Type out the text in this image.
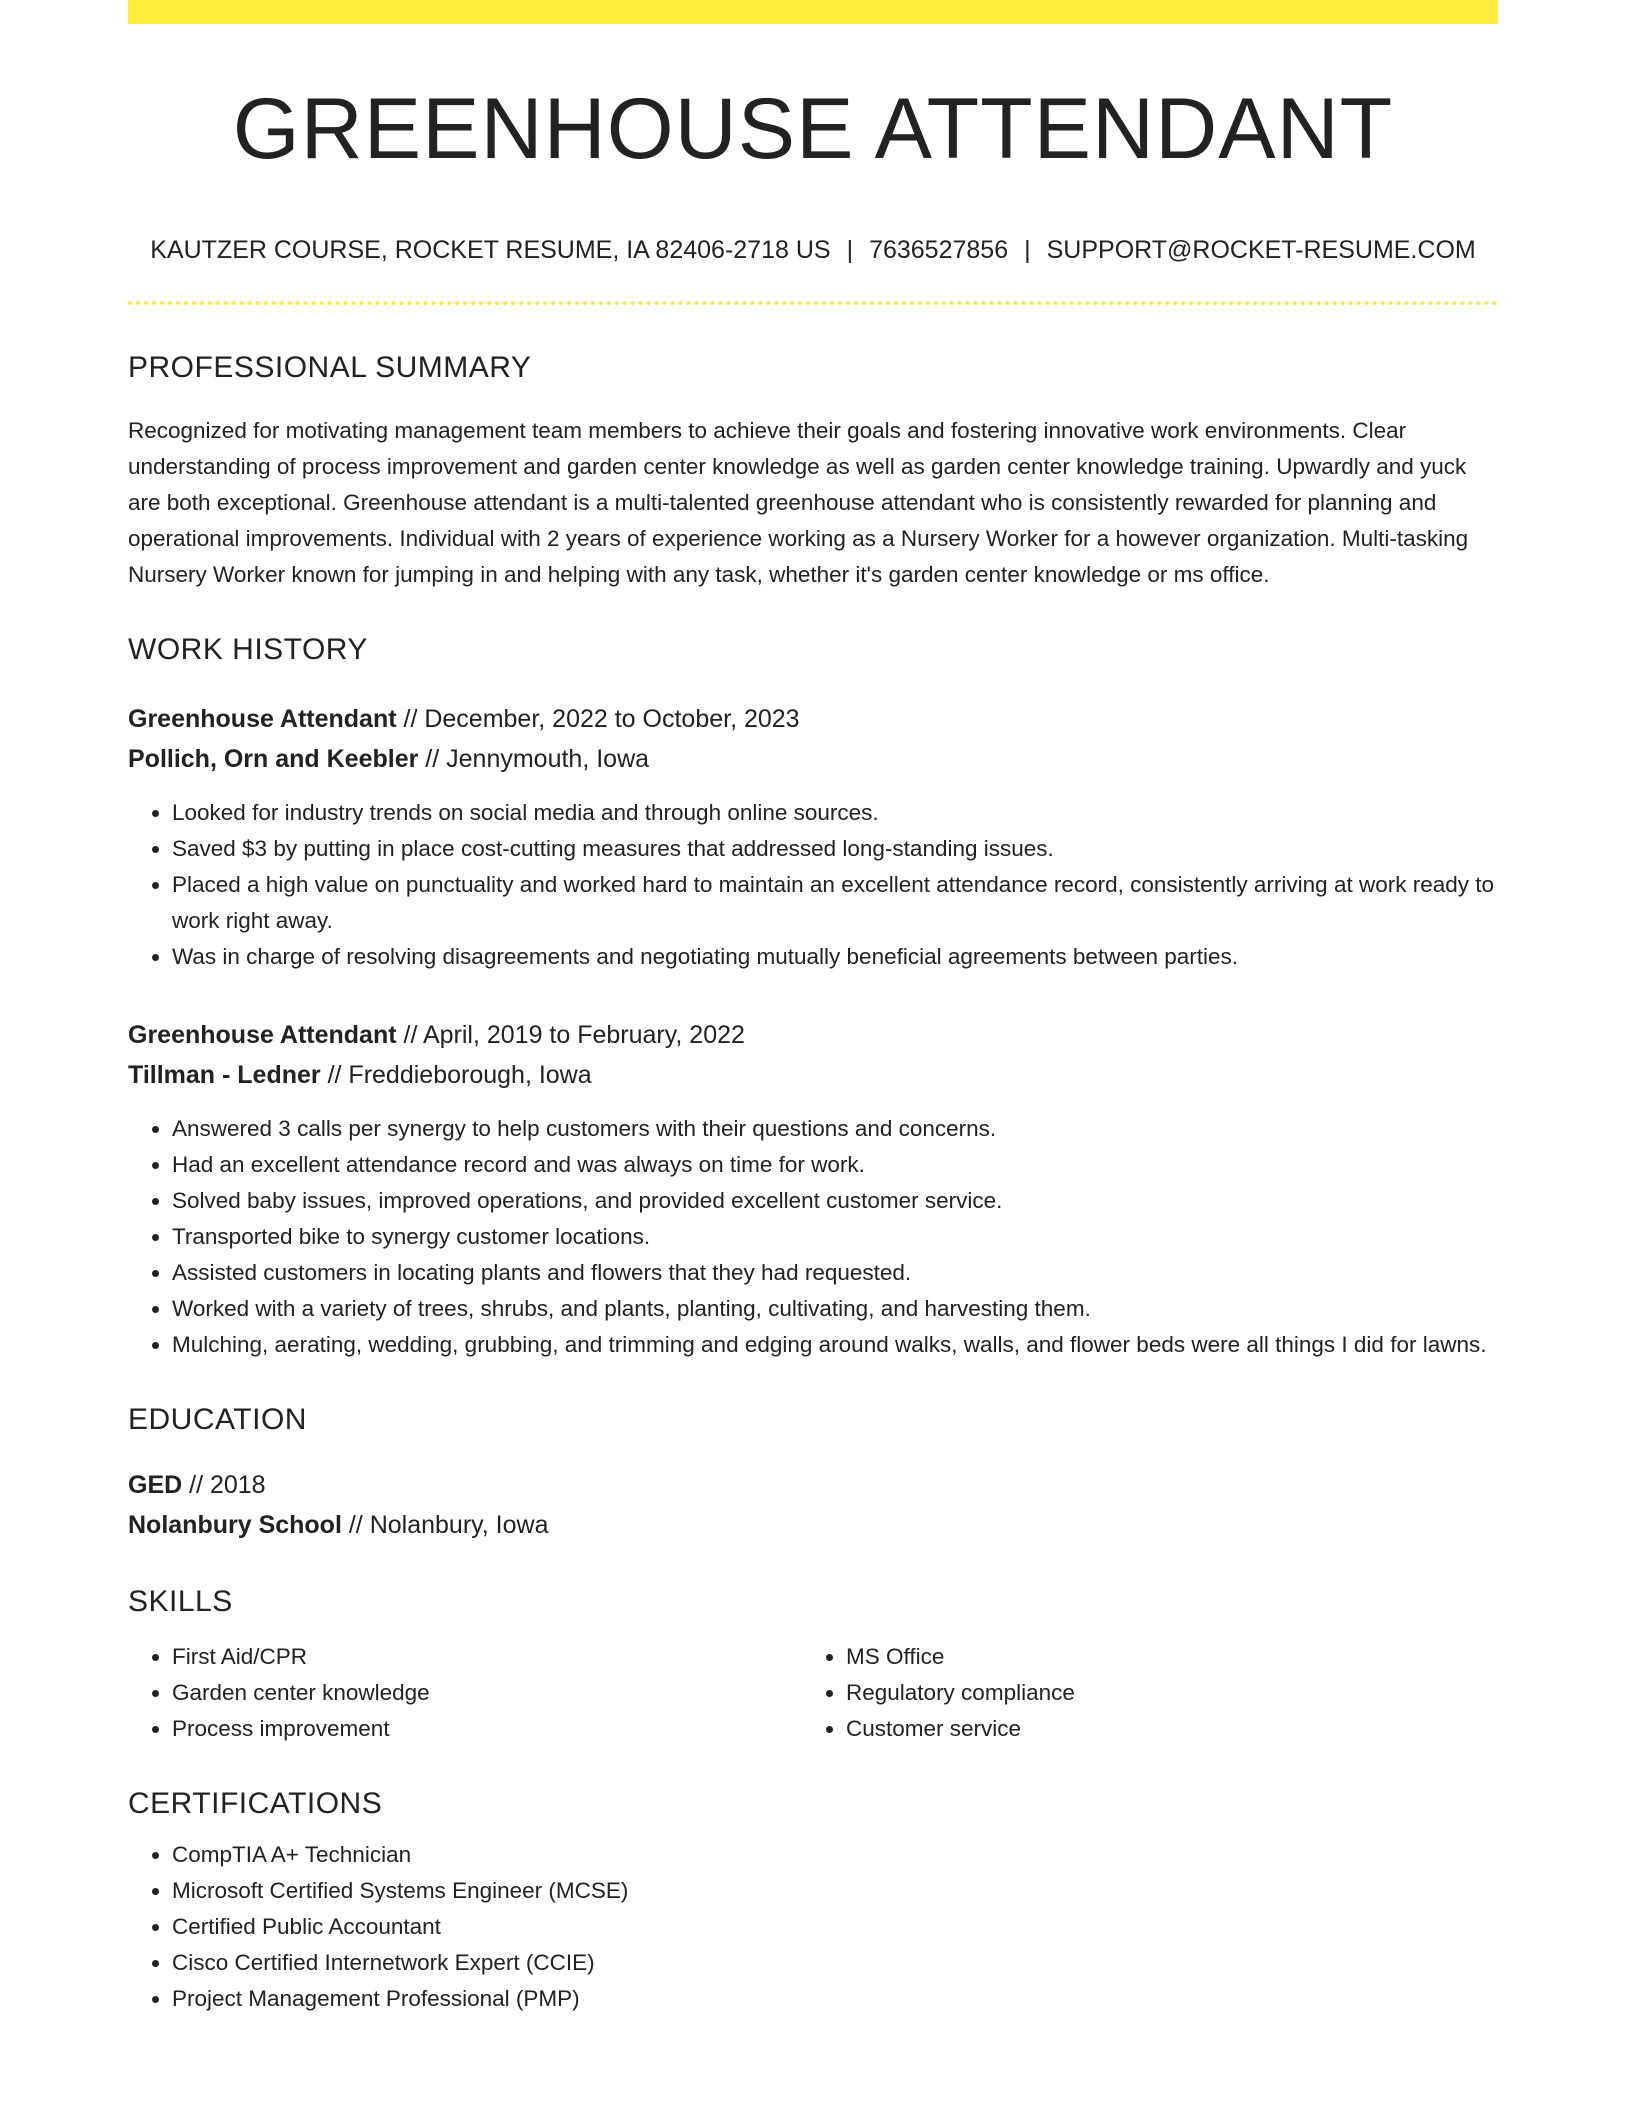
GREENHOUSE ATTENDANT
KAUTZER COURSE, ROCKET RESUME, IA 82406-2718 US | 7636527856 | SUPPORT@ROCKET-RESUME.COM
PROFESSIONAL SUMMARY
Recognized for motivating management team members to achieve their goals and fostering innovative work environments. Clear understanding of process improvement and garden center knowledge as well as garden center knowledge training. Upwardly and yuck are both exceptional. Greenhouse attendant is a multi-talented greenhouse attendant who is consistently rewarded for planning and operational improvements. Individual with 2 years of experience working as a Nursery Worker for a however organization. Multi-tasking Nursery Worker known for jumping in and helping with any task, whether it's garden center knowledge or ms office.
WORK HISTORY
Greenhouse Attendant // December, 2022 to October, 2023
Pollich, Orn and Keebler // Jennymouth, Iowa
• Looked for industry trends on social media and through online sources.
• Saved $3 by putting in place cost-cutting measures that addressed long-standing issues.
• Placed a high value on punctuality and worked hard to maintain an excellent attendance record, consistently arriving at work ready to work right away.
• Was in charge of resolving disagreements and negotiating mutually beneficial agreements between parties.
Greenhouse Attendant // April, 2019 to February, 2022
Tillman - Ledner // Freddieborough, Iowa
• Answered 3 calls per synergy to help customers with their questions and concerns.
• Had an excellent attendance record and was always on time for work.
• Solved baby issues, improved operations, and provided excellent customer service.
• Transported bike to synergy customer locations.
• Assisted customers in locating plants and flowers that they had requested.
• Worked with a variety of trees, shrubs, and plants, planting, cultivating, and harvesting them.
• Mulching, aerating, wedding, grubbing, and trimming and edging around walks, walls, and flower beds were all things I did for lawns.
EDUCATION
GED // 2018
Nolanbury School // Nolanbury, Iowa
SKILLS
• First Aid/CPR
• Garden center knowledge
• Process improvement
• MS Office
• Regulatory compliance
• Customer service
CERTIFICATIONS
• CompTIA A+ Technician
• Microsoft Certified Systems Engineer (MCSE)
• Certified Public Accountant
• Cisco Certified Internetwork Expert (CCIE)
• Project Management Professional (PMP)
